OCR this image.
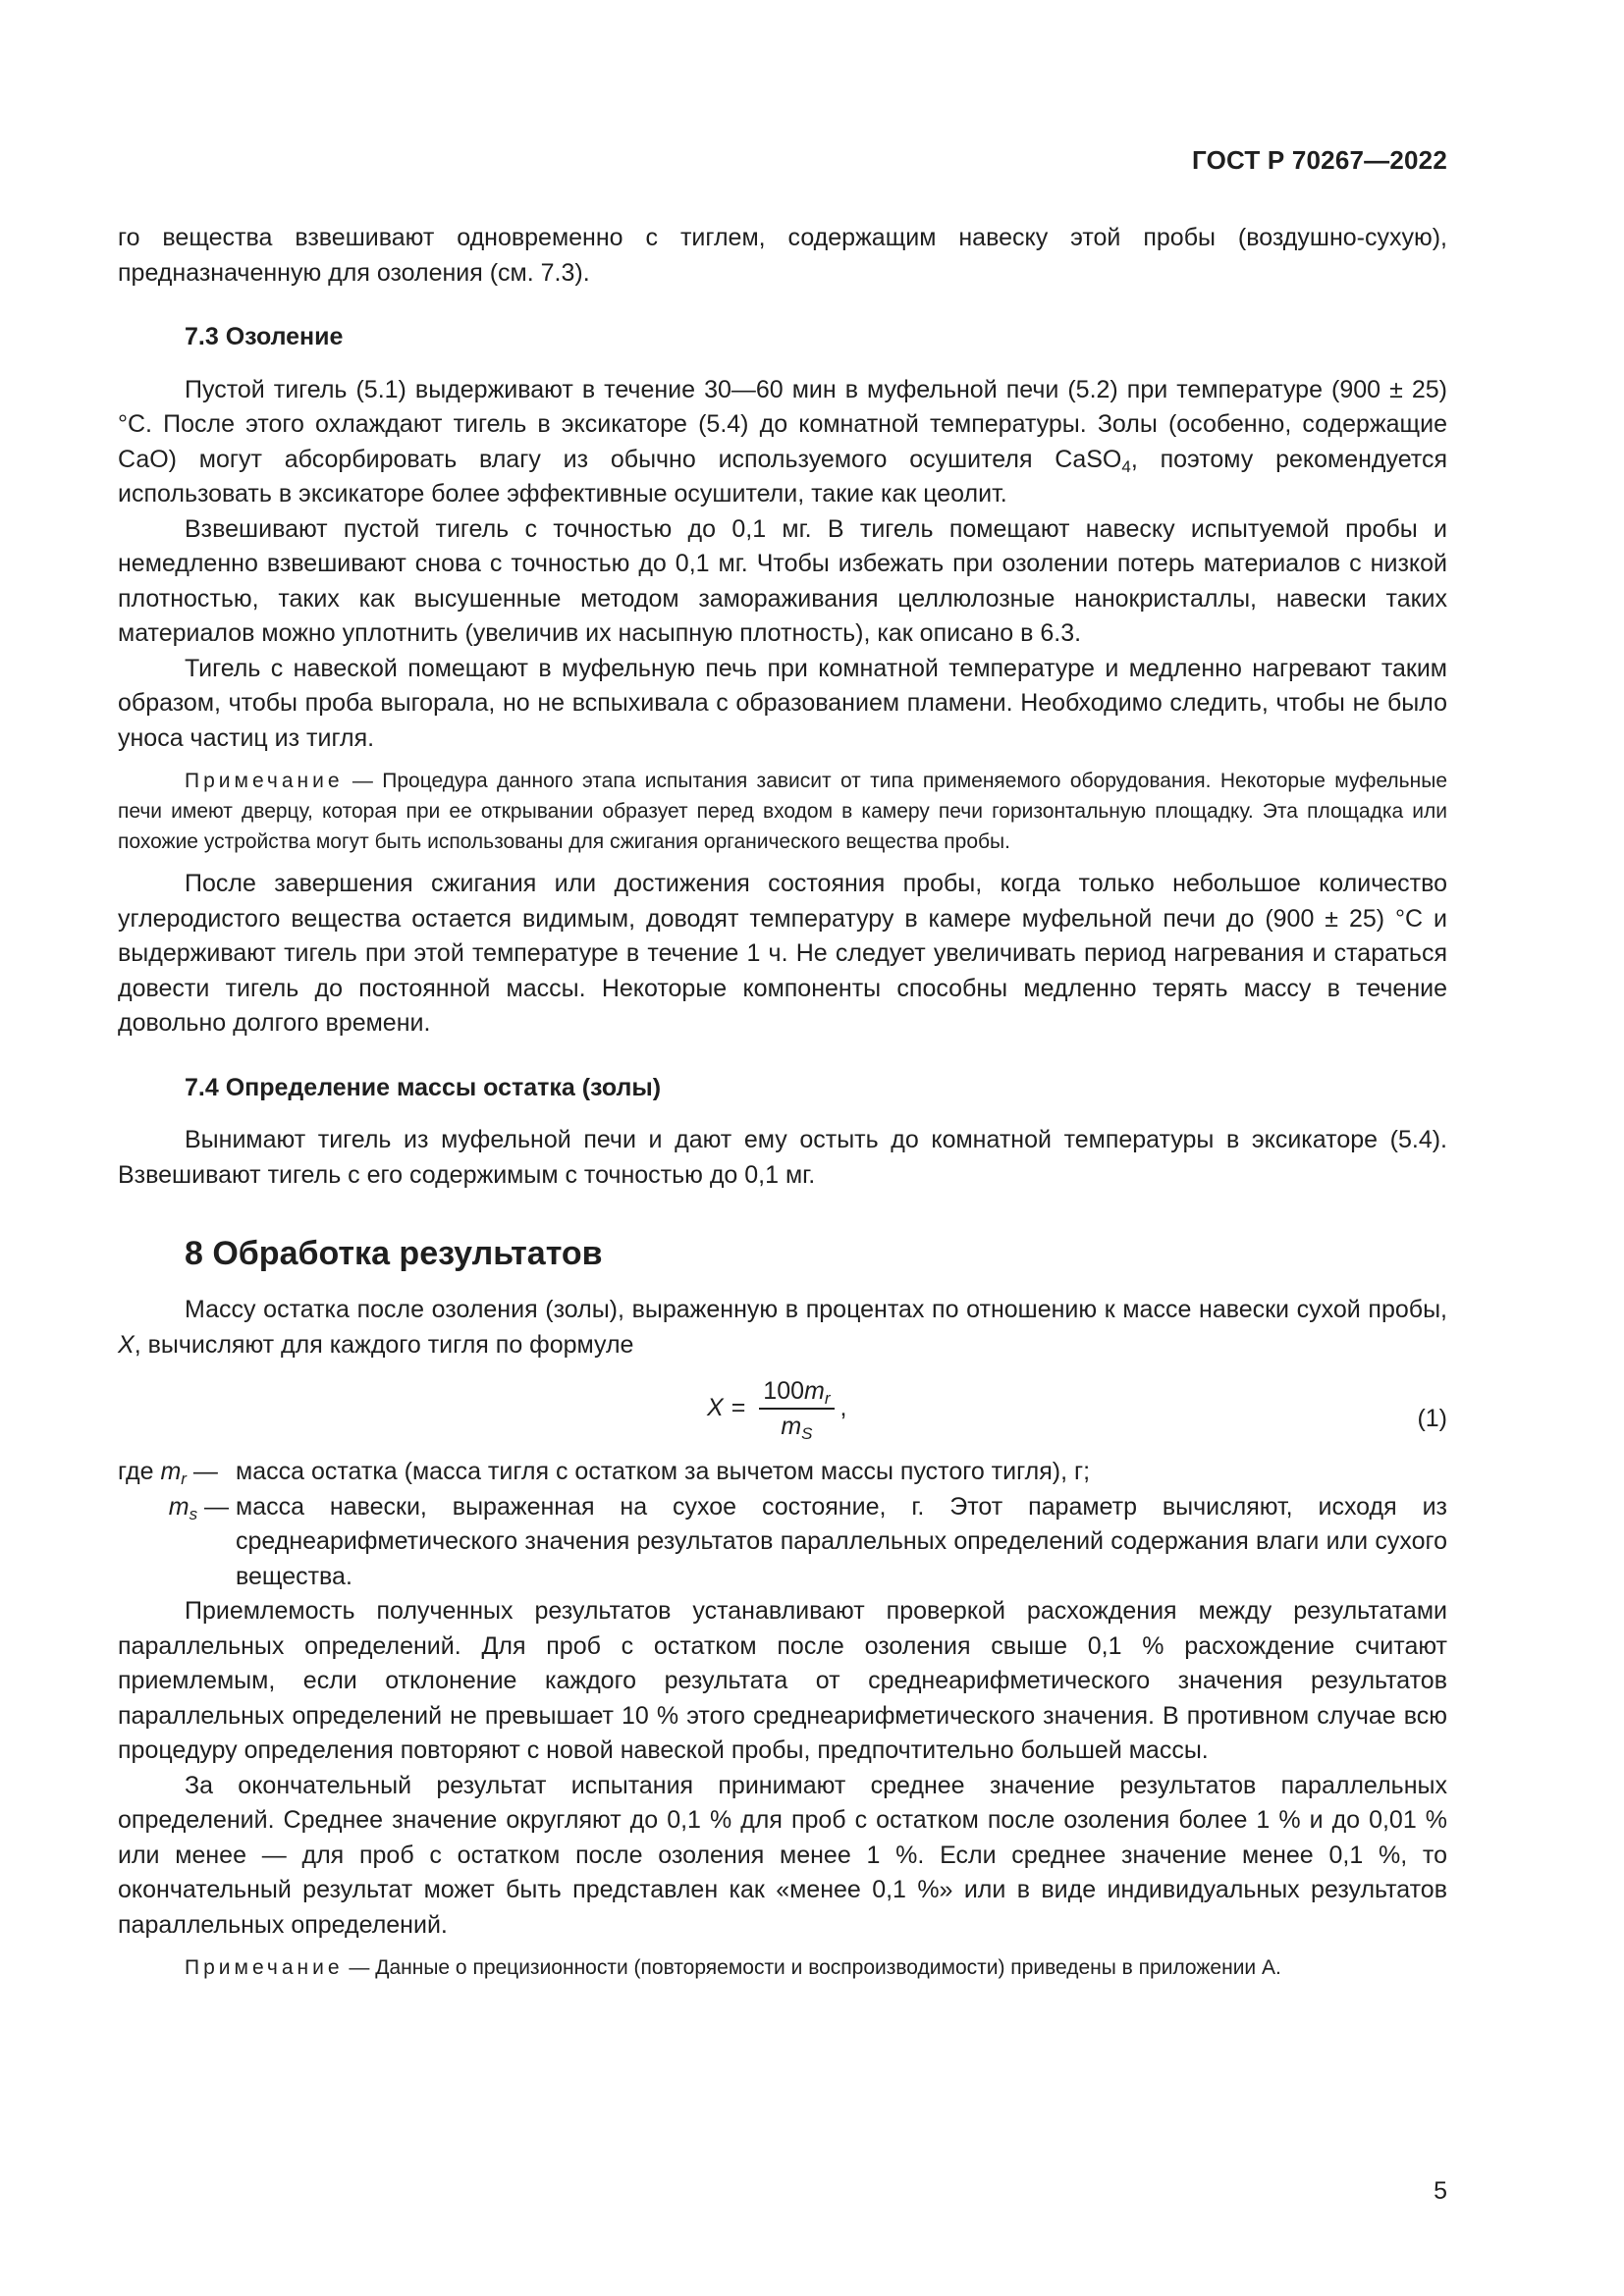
ГОСТ Р 70267—2022

го вещества взвешивают одновременно с тиглем, содержащим навеску этой пробы (воздушно-сухую), предназначенную для озоления (см. 7.3).

7.3 Озоление

Пустой тигель (5.1) выдерживают в течение 30—60 мин в муфельной печи (5.2) при температуре (900 ± 25) °С. После этого охлаждают тигель в эксикаторе (5.4) до комнатной температуры. Золы (особенно, содержащие СаО) могут абсорбировать влагу из обычно используемого осушителя CaSO$_4$, поэтому рекомендуется использовать в эксикаторе более эффективные осушители, такие как цеолит.

Взвешивают пустой тигель с точностью до 0,1 мг. В тигель помещают навеску испытуемой пробы и немедленно взвешивают снова с точностью до 0,1 мг. Чтобы избежать при озолении потерь материалов с низкой плотностью, таких как высушенные методом замораживания целлюлозные нанокристаллы, навески таких материалов можно уплотнить (увеличив их насыпную плотность), как описано в 6.3.

Тигель с навеской помещают в муфельную печь при комнатной температуре и медленно нагревают таким образом, чтобы проба выгорала, но не вспыхивала с образованием пламени. Необходимо следить, чтобы не было уноса частиц из тигля.

Примечание — Процедура данного этапа испытания зависит от типа применяемого оборудования. Некоторые муфельные печи имеют дверцу, которая при ее открывании образует перед входом в камеру печи горизонтальную площадку. Эта площадка или похожие устройства могут быть использованы для сжигания органического вещества пробы.

После завершения сжигания или достижения состояния пробы, когда только небольшое количество углеродистого вещества остается видимым, доводят температуру в камере муфельной печи до (900 ± 25) °С и выдерживают тигель при этой температуре в течение 1 ч. Не следует увеличивать период нагревания и стараться довести тигель до постоянной массы. Некоторые компоненты способны медленно терять массу в течение довольно долгого времени.

7.4 Определение массы остатка (золы)

Вынимают тигель из муфельной печи и дают ему остыть до комнатной температуры в эксикаторе (5.4). Взвешивают тигель с его содержимым с точностью до 0,1 мг.

8 Обработка результатов

Массу остатка после озоления (золы), выраженную в процентах по отношению к массе навески сухой пробы, X, вычисляют для каждого тигля по формуле

$X = \frac{100m_r}{m_S}$ ,	(1)
где $m_r$ — масса остатка (масса тигля с остатком за вычетом массы пустого тигля), г;
$m_s$ — масса навески, выраженная на сухое состояние, г. Этот параметр вычисляют, исходя из среднеарифметического значения результатов параллельных определений содержания влаги или сухого вещества.

Приемлемость полученных результатов устанавливают проверкой расхождения между результатами параллельных определений. Для проб с остатком после озоления свыше 0,1 % расхождение считают приемлемым, если отклонение каждого результата от среднеарифметического значения результатов параллельных определений не превышает 10 % этого среднеарифметического значения. В противном случае всю процедуру определения повторяют с новой навеской пробы, предпочтительно большей массы.

За окончательный результат испытания принимают среднее значение результатов параллельных определений. Среднее значение округляют до 0,1 % для проб с остатком после озоления более 1 % и до 0,01 % или менее — для проб с остатком после озоления менее 1 %. Если среднее значение менее 0,1 %, то окончательный результат может быть представлен как «менее 0,1 %» или в виде индивидуальных результатов параллельных определений.

Примечание — Данные о прецизионности (повторяемости и воспроизводимости) приведены в приложении А.

5
